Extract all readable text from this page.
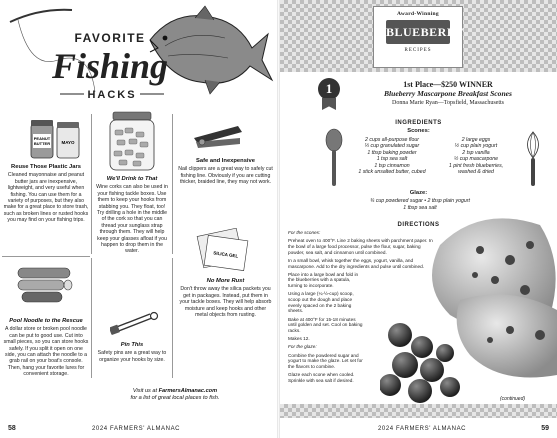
FAVORITE
Fishing
HACKS
PEANUT
BUTTER	MAYO
Reuse Those Plastic Jars

Cleaned mayonnaise and peanut butter jars are inexpensive, lightweight, and very useful when fishing. You can use them for a variety of purposes, but they also make for a great place to store trash, such as broken lines or rusted hooks you may find on your fishing trips.

We'll Drink to That

Wine corks can also be used in your fishing tackle boxes. Use them to keep your hooks from stabbing you. They float, too! Try drilling a hole in the middle of the cork so that you can thread your sunglass strap through them. They will help keep your glasses afloat if you happen to drop them in the water.

Safe and Inexpensive

Nail clippers are a great way to safely cut fishing line. Obviously if you are cutting thicker, braided line, they may not work.

Pool Noodle to the Rescue

A dollar store or broken pool noodle can be put to good use. Cut into small pieces, so you can store hooks safely. If you split it open on one side, you can attach the noodle to a grab rail on your boat's console. Then, hang your favorite lures for convenient storage.

Pin This

Safety pins are a great way to organize your hooks by size.

SILICA GEL
No More Rust

Don't throw away the silica packets you get in packages. Instead, put them in your tackle boxes. They will help absorb moisture and keep hooks and other metal objects from rusting.

Visit us at FarmersAlmanac.com
for a list of great local places to fish.
58	2024 FARMERS' ALMANAC
Award-Winning
BLUEBERRY
RECIPES
1	1st Place—$250 WINNER
Blueberry Mascarpone Breakfast Scones
Donna Marie Ryan—Topsfield, Massachusetts
INGREDIENTS
Scones:
2 cups all-purpose flour
⅓ cup granulated sugar
1 tbsp baking powder
1 tsp sea salt
1 tsp cinnamon
1 stick unsalted butter, cubed
2 large eggs
½ cup plain yogurt
2 tsp vanilla
½ cup mascarpone
1 pint fresh blueberries,
washed & dried
Glaze:
¾ cup powdered sugar • 2 tbsp plain yogurt
1 tbsp sea salt
DIRECTIONS

For the scones:

Preheat oven to 400°F. Line 2 baking sheets with parchment paper. In the bowl of a large food processor, pulse the flour, sugar, baking powder, sea salt, and cinnamon until combined.

In a small bowl, whisk together the eggs, yogurt, vanilla, and mascarpone. Add to the dry ingredients and pulse until combined.

Place into a large bowl and fold in the blueberries with a spatula, turning to incorporate.

Using a large (¼-½-cup) scoop, scoop out the dough and place evenly spaced on the 2 baking sheets.

Bake at 400°F for 15-18 minutes until golden and set. Cool on baking racks.

Makes 12.

For the glaze:

Combine the powdered sugar and yogurt to make the glaze. Let set for the flavors to combine.

Glaze each scone when cooled. Sprinkle with sea salt if desired.

(continued)
2024 FARMERS' ALMANAC	59
